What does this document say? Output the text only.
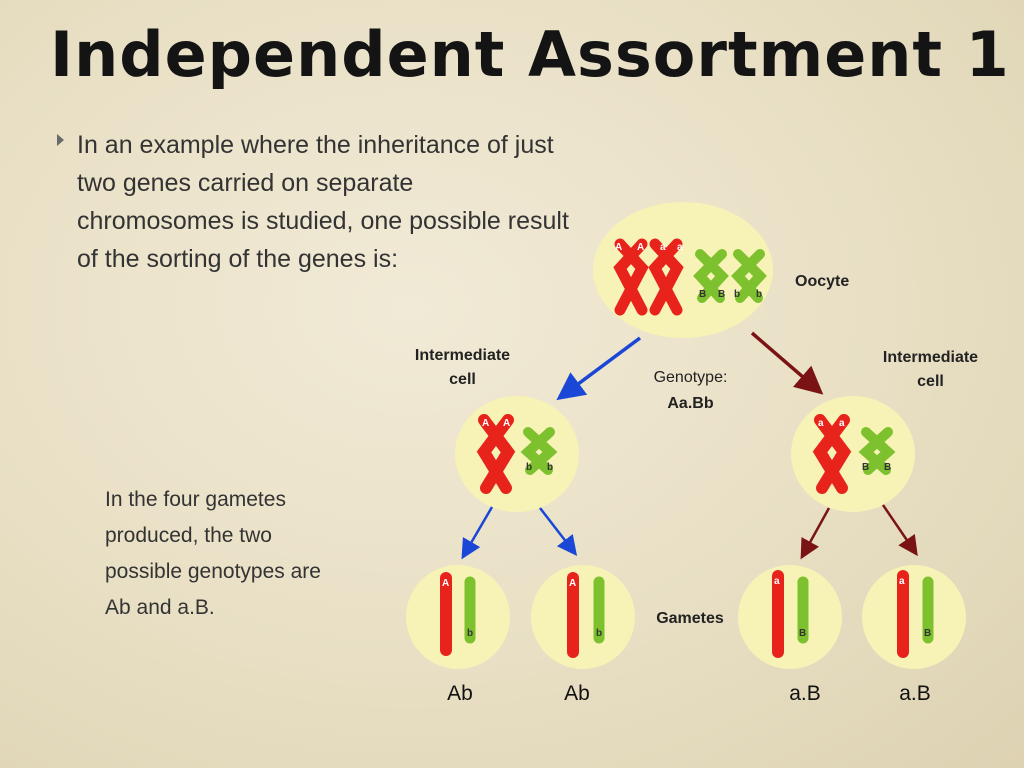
Independent Assortment 1
In an example where the inheritance of just two genes carried on separate chromosomes is studied, one possible result of the sorting of the genes is:
In the four gametes produced, the two possible genotypes are Ab and a.B.
A A a a
B B b b
A A
b b
a a
B B
A
b
A
b
a
B
a
B
Oocyte
Intermediate cell
Intermediate cell
Genotype:
Aa.Bb
Gametes
Ab	Ab	a.B	a.B
